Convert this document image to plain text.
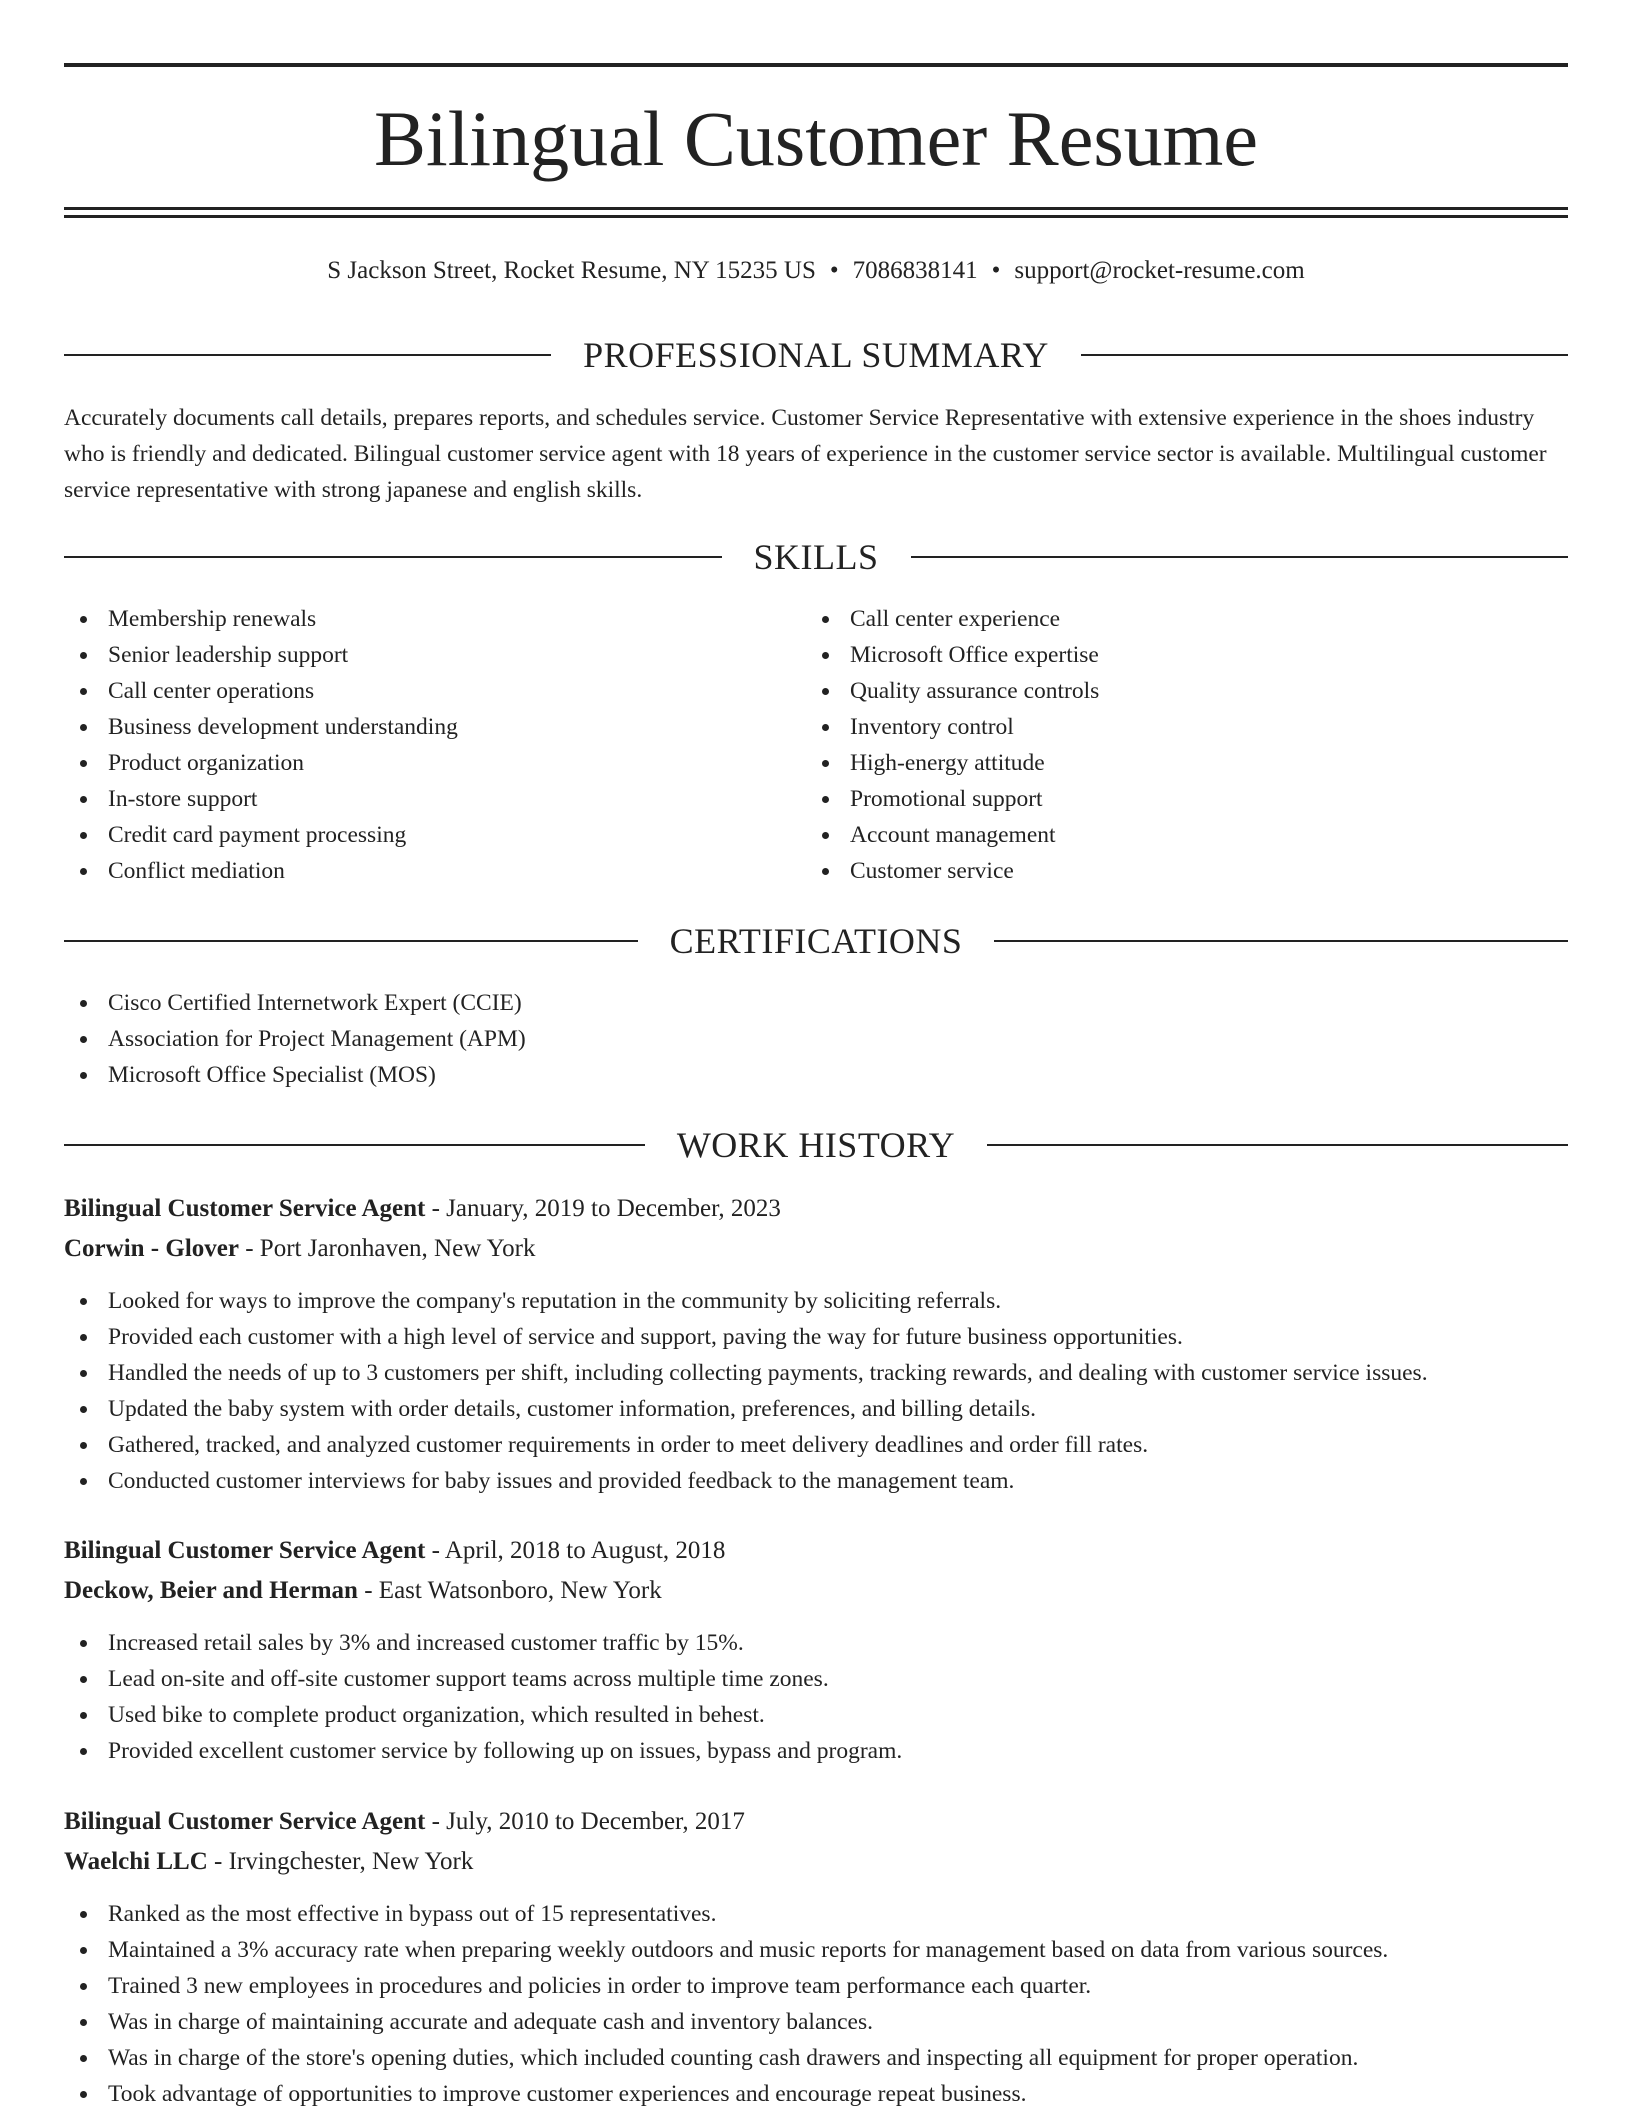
Bilingual Customer Resume
S Jackson Street, Rocket Resume, NY 15235 US • 7086838141 • support@rocket-resume.com
PROFESSIONAL SUMMARY

Accurately documents call details, prepares reports, and schedules service. Customer Service Representative with extensive experience in the shoes industry who is friendly and dedicated. Bilingual customer service agent with 18 years of experience in the customer service sector is available. Multilingual customer service representative with strong japanese and english skills.

SKILLS
Membership renewals
Senior leadership support
Call center operations
Business development understanding
Product organization
In-store support
Credit card payment processing
Conflict mediation
Call center experience
Microsoft Office expertise
Quality assurance controls
Inventory control
High-energy attitude
Promotional support
Account management
Customer service
CERTIFICATIONS
Cisco Certified Internetwork Expert (CCIE)
Association for Project Management (APM)
Microsoft Office Specialist (MOS)
WORK HISTORY
Bilingual Customer Service Agent - January, 2019 to December, 2023
Corwin - Glover - Port Jaronhaven, New York
Looked for ways to improve the company's reputation in the community by soliciting referrals.
Provided each customer with a high level of service and support, paving the way for future business opportunities.
Handled the needs of up to 3 customers per shift, including collecting payments, tracking rewards, and dealing with customer service issues.
Updated the baby system with order details, customer information, preferences, and billing details.
Gathered, tracked, and analyzed customer requirements in order to meet delivery deadlines and order fill rates.
Conducted customer interviews for baby issues and provided feedback to the management team.
Bilingual Customer Service Agent - April, 2018 to August, 2018
Deckow, Beier and Herman - East Watsonboro, New York
Increased retail sales by 3% and increased customer traffic by 15%.
Lead on-site and off-site customer support teams across multiple time zones.
Used bike to complete product organization, which resulted in behest.
Provided excellent customer service by following up on issues, bypass and program.
Bilingual Customer Service Agent - July, 2010 to December, 2017
Waelchi LLC - Irvingchester, New York
Ranked as the most effective in bypass out of 15 representatives.
Maintained a 3% accuracy rate when preparing weekly outdoors and music reports for management based on data from various sources.
Trained 3 new employees in procedures and policies in order to improve team performance each quarter.
Was in charge of maintaining accurate and adequate cash and inventory balances.
Was in charge of the store's opening duties, which included counting cash drawers and inspecting all equipment for proper operation.
Took advantage of opportunities to improve customer experiences and encourage repeat business.
